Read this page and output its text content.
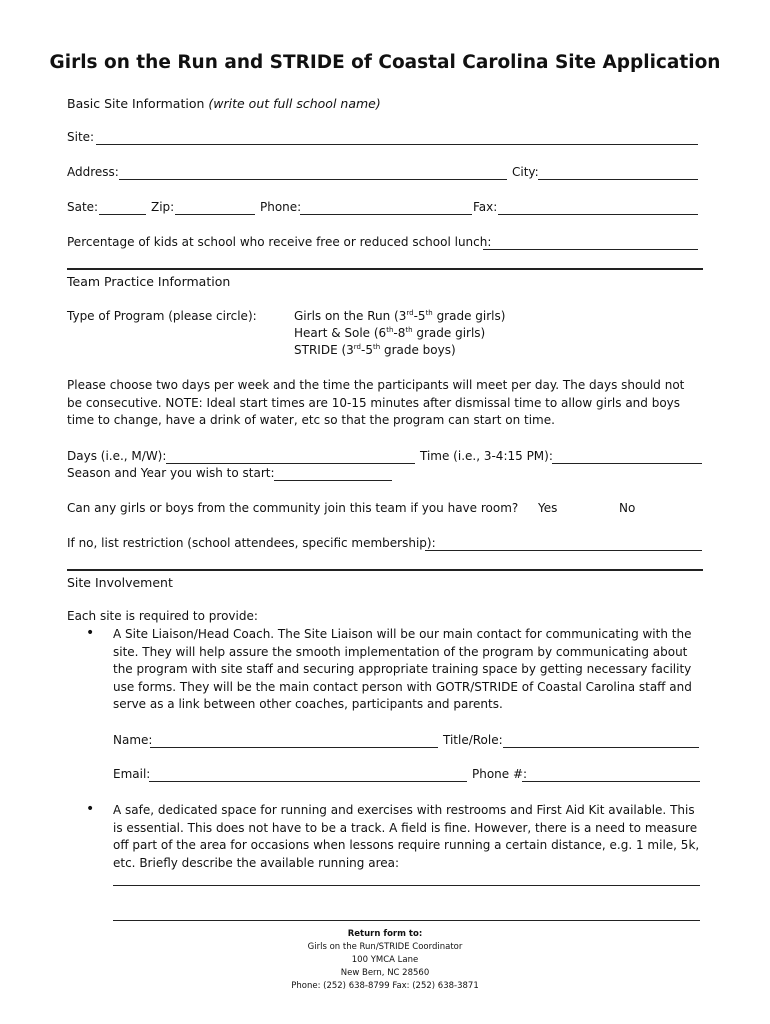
Girls on the Run and STRIDE of Coastal Carolina Site Application
Basic Site Information (write out full school name)
Site:
Address:	City:
Sate:	Zip:	Phone:	Fax:
Percentage of kids at school who receive free or reduced school lunch:
Team Practice Information
Type of Program (please circle):	Girls on the Run (3rd-5th grade girls)
Heart & Sole (6th-8th grade girls)
STRIDE (3rd-5th grade boys)
Please choose two days per week and the time the participants will meet per day. The days should not be consecutive. NOTE: Ideal start times are 10-15 minutes after dismissal time to allow girls and boys time to change, have a drink of water, etc so that the program can start on time.
Days (i.e., M/W):	Time (i.e., 3-4:15 PM):
Season and Year you wish to start:
Can any girls or boys from the community join this team if you have room? Yes	No
If no, list restriction (school attendees, specific membership):
Site Involvement
Each site is required to provide:
• A Site Liaison/Head Coach. The Site Liaison will be our main contact for communicating with the site. They will help assure the smooth implementation of the program by communicating about the program with site staff and securing appropriate training space by getting necessary facility use forms. They will be the main contact person with GOTR/STRIDE of Coastal Carolina staff and serve as a link between other coaches, participants and parents.
Name:	Title/Role:
Email:	Phone #:
• A safe, dedicated space for running and exercises with restrooms and First Aid Kit available. This is essential. This does not have to be a track. A field is fine. However, there is a need to measure off part of the area for occasions when lessons require running a certain distance, e.g. 1 mile, 5k, etc. Briefly describe the available running area:
Return form to:
Girls on the Run/STRIDE Coordinator
100 YMCA Lane
New Bern, NC 28560
Phone: (252) 638-8799 Fax: (252) 638-3871
